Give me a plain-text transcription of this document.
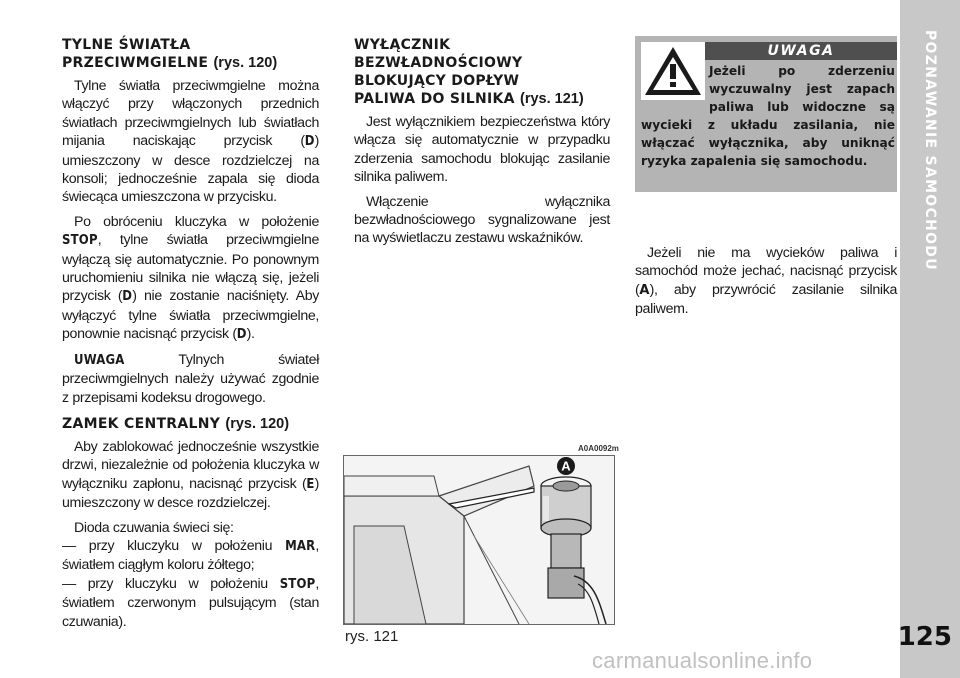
POZNAWANIE SAMOCHODU
125
TYLNE ŚWIATŁA
PRZECIWMGIELNE (rys. 120)

Tylne światła przeciwmgielne można włączyć przy włączonych przednich światłach przeciwmgielnych lub światłach mijania naciskając przycisk (D) umieszczony w desce rozdzielczej na konsoli; jednocześnie zapala się dioda świecąca umieszczona w przycisku.

Po obróceniu kluczyka w położenie STOP, tylne światła przeciwmgielne wyłączą się automatycznie. Po ponownym uruchomieniu silnika nie włączą się, jeżeli przycisk (D) nie zostanie naciśnięty. Aby wyłączyć tylne światła przeciwmgielne, ponownie nacisnąć przycisk (D).

UWAGA Tylnych świateł przeciwmgielnych należy używać zgodnie z przepisami kodeksu drogowego.

ZAMEK CENTRALNY (rys. 120)

Aby zablokować jednocześnie wszystkie drzwi, niezależnie od położenia kluczyka w wyłączniku zapłonu, nacisnąć przycisk (E) umieszczony w desce rozdzielczej.

Dioda czuwania świeci się:

— przy kluczyku w położeniu MAR, światłem ciągłym koloru żółtego;

— przy kluczyku w położeniu STOP, światłem czerwonym pulsującym (stan czuwania).

WYŁĄCZNIK
BEZWŁADNOŚCIOWY
BLOKUJĄCY DOPŁYW
PALIWA DO SILNIKA (rys. 121)

Jest wyłącznikiem bezpieczeństwa który włącza się automatycznie w przypadku zderzenia samochodu blokując zasilanie silnika paliwem.

Włączenie wyłącznika bezwładnościowego sygnalizowane jest na wyświetlaczu zestawu wskaźników.

UWAGA
Jeżeli po zderzeniu wyczuwalny jest zapach paliwa lub widoczne są wycieki z układu zasilania, nie włączać wyłącznika, aby uniknąć ryzyka zapalenia się samochodu.

Jeżeli nie ma wycieków paliwa i samochód może jechać, nacisnąć przycisk (A), aby przywrócić zasilanie silnika paliwem.

A0A0092m
A
rys. 121
carmanualsonline.info
